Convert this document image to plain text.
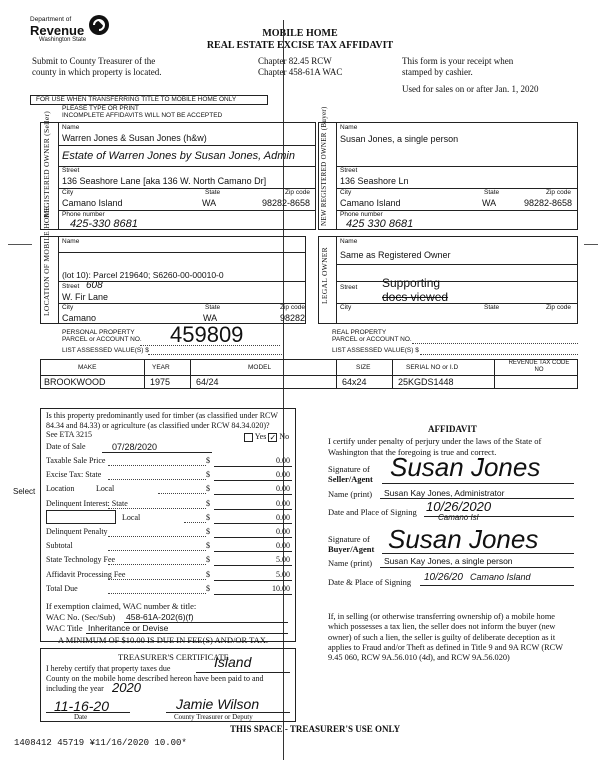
Department of
Revenue
Washington State
MOBILE HOME
REAL ESTATE EXCISE TAX AFFIDAVIT
Submit to County Treasurer of the
county in which property is located.
Chapter 82.45 RCW
Chapter 458-61A WAC
This form is your receipt when
stamped by cashier.
Used for sales on or after Jan. 1, 2020
FOR USE WHEN TRANSFERRING TITLE TO MOBILE HOME ONLY
PLEASE TYPE OR PRINT
INCOMPLETE AFFIDAVITS WILL NOT BE ACCEPTED
REGISTERED OWNER (Seller) Name
Warren Jones & Susan Jones (h&w)
Estate of Warren Jones by Susan Jones, Admin
Street
136 Seashore Lane [aka 136 W. North Camano Dr]
City	State	Zip code
Camano Island	WA	98282-8658
Phone number
425-330 8681	NEW REGISTERED OWNER (Buyer) Name
Susan Jones, a single person
Street
136 Seashore Ln
City	State	Zip code
Camano Island	WA	98282-8658
Phone number
425 330 8681
LOCATION OF MOBILE HOME Name
(lot 10): Parcel 219640; S6260-00-00010-0
Street 608
W. Fir Lane
City	State	Zip code
Camano	WA	98282
LEGAL OWNER
Name
Same as Registered Owner
Street Supporting
docs viewed
City	State	Zip code
PERSONAL PROPERTY
PARCEL or ACCOUNT NO. 459809
LIST ASSESSED VALUE(S) $
REAL PROPERTY
PARCEL or ACCOUNT NO.
LIST ASSESSED VALUE(S) $
MAKE	YEAR	MODEL	SIZE	SERIAL NO or I.D
REVENUE TAX CODE NO
BROOKWOOD	1975	64/24	64x24	25KGDS1448
Is this property predominantly used for timber (as classified under RCW
84.34 and 84.33) or agriculture (as classified under RCW 84.34.020)?
See ETA 3215	Yes ✓ No
Date of Sale	07/28/2020
Taxable Sale Price	$	0.00
Excise Tax: State	$	0.00
Location	Local	$	0.00
Delinquent Interest: State	$	0.00
Local	$	0.00
Delinquent Penalty	$	0.00
Subtotal	$	0.00
State Technology Fee	$	5.00
Affidavit Processing Fee	$	5.00
Total Due	$	10.00
Select
If exemption claimed, WAC number & title:
WAC No. (Sec/Sub) 458-61A-202(6)(f)
WAC Title Inheritance or Devise
A MINIMUM OF $10.00 IS DUE IN FEE(S) AND/OR TAX.
TREASURER'S CERTIFICATE
I hereby certify that property taxes due	Island
County on the mobile home described hereon have been paid to and
including the year 2020
11-16-20	Jamie Wilson
Date	County Treasurer or Deputy
AFFIDAVIT
I certify under penalty of perjury under the laws of the State of
Washington that the foregoing is true and correct.
Signature of
Seller/Agent Susan Jones
Name (print) Susan Kay Jones, Administrator
Date and Place of Signing 10/26/2020
Camano Isl
Signature of
Buyer/Agent Susan Jones
Name (print) Susan Kay Jones, a single person
Date & Place of Signing 10/26/20 Camano Island
If, in selling (or otherwise transferring ownership of) a mobile home
which possesses a tax lien, the seller does not inform the buyer (new
owner) of such a lien, the seller is guilty of deliberate deception as it
applies to Fraud and/or Theft as defined in Title 9 and 9A RCW (RCW
9.45 060, RCW 9A.56.010 (4d), and RCW 9A.56.020)
THIS SPACE - TREASURER'S USE ONLY
1408412 45719 ¥11/16/2020 10.00*
